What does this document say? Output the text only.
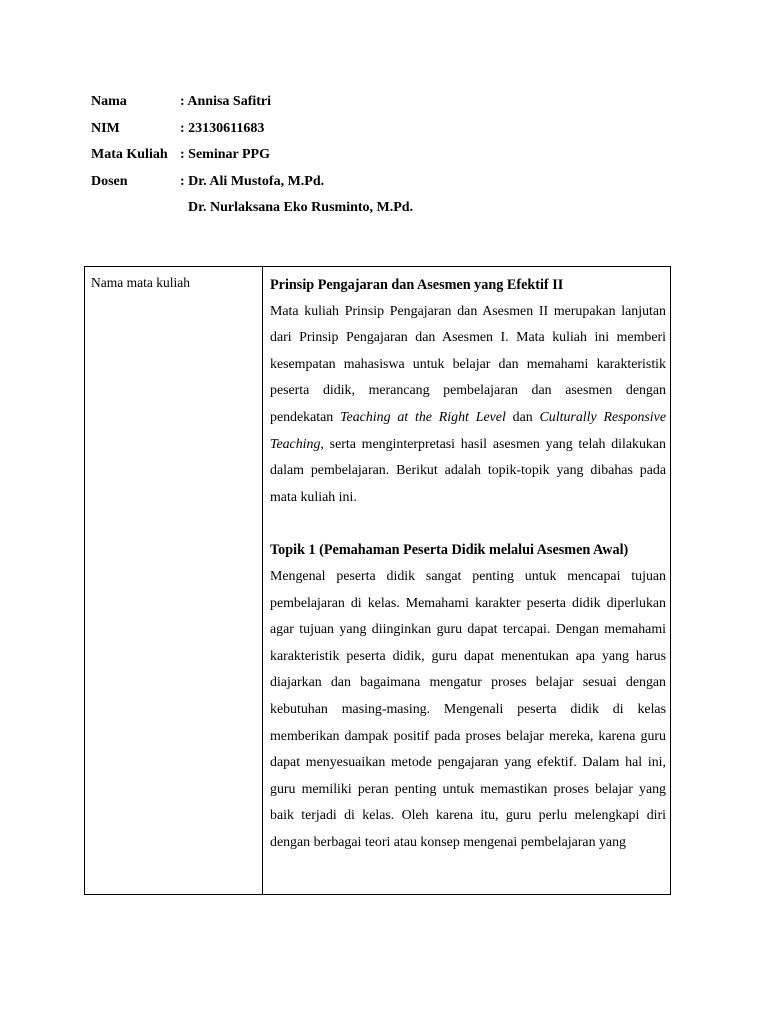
Nama	: Annisa Safitri
NIM	: 23130611683
Mata Kuliah : Seminar PPG
Dosen	: Dr. Ali Mustofa, M.Pd.
Dr. Nurlaksana Eko Rusminto, M.Pd.
Nama mata kuliah	Prinsip Pengajaran dan Asesmen yang Efektif II

Mata kuliah Prinsip Pengajaran dan Asesmen II merupakan lanjutan dari Prinsip Pengajaran dan Asesmen I. Mata kuliah ini memberi kesempatan mahasiswa untuk belajar dan memahami karakteristik peserta didik, merancang pembelajaran dan asesmen dengan pendekatan Teaching at the Right Level dan Culturally Responsive Teaching, serta menginterpretasi hasil asesmen yang telah dilakukan dalam pembelajaran. Berikut adalah topik-topik yang dibahas pada mata kuliah ini.

Topik 1 (Pemahaman Peserta Didik melalui Asesmen Awal)

Mengenal peserta didik sangat penting untuk mencapai tujuan pembelajaran di kelas. Memahami karakter peserta didik diperlukan agar tujuan yang diinginkan guru dapat tercapai. Dengan memahami karakteristik peserta didik, guru dapat menentukan apa yang harus diajarkan dan bagaimana mengatur proses belajar sesuai dengan kebutuhan masing-masing. Mengenali peserta didik di kelas memberikan dampak positif pada proses belajar mereka, karena guru dapat menyesuaikan metode pengajaran yang efektif. Dalam hal ini, guru memiliki peran penting untuk memastikan proses belajar yang baik terjadi di kelas. Oleh karena itu, guru perlu melengkapi diri dengan berbagai teori atau konsep mengenai pembelajaran yang
